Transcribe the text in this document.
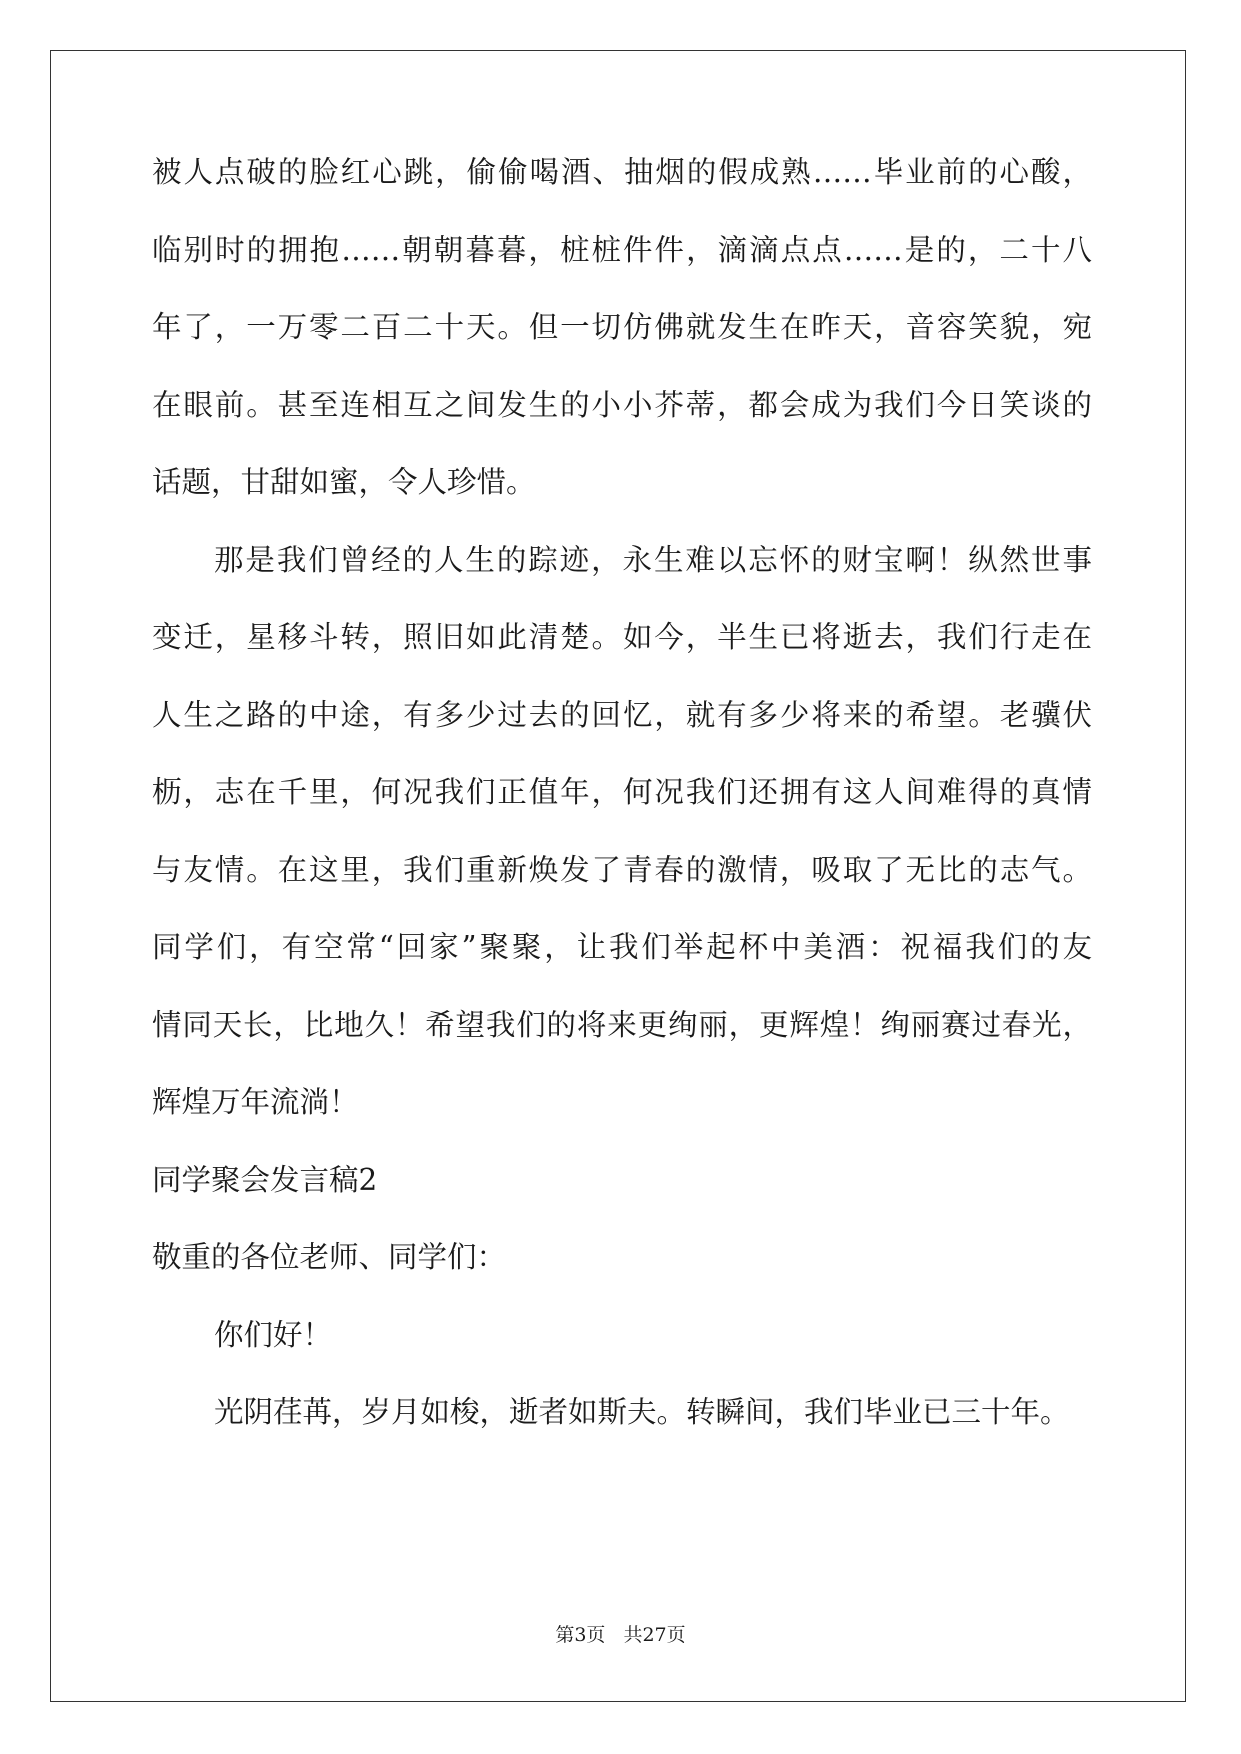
被人点破的脸红心跳，偷偷喝酒、抽烟的假成熟……毕业前的心酸，
临别时的拥抱……朝朝暮暮，桩桩件件，滴滴点点……是的，二十八
年了，一万零二百二十天。但一切仿佛就发生在昨天，音容笑貌，宛
在眼前。甚至连相互之间发生的小小芥蒂，都会成为我们今日笑谈的
话题，甘甜如蜜，令人珍惜。
那是我们曾经的人生的踪迹，永生难以忘怀的财宝啊！纵然世事
变迁，星移斗转，照旧如此清楚。如今，半生已将逝去，我们行走在
人生之路的中途，有多少过去的回忆，就有多少将来的希望。老骥伏
枥，志在千里，何况我们正值年，何况我们还拥有这人间难得的真情
与友情。在这里，我们重新焕发了青春的激情，吸取了无比的志气。
同学们，有空常“回家”聚聚，让我们举起杯中美酒：祝福我们的友
情同天长，比地久！希望我们的将来更绚丽，更辉煌！绚丽赛过春光，
辉煌万年流淌！
同学聚会发言稿2
敬重的各位老师、同学们：
你们好！
光阴荏苒，岁月如梭，逝者如斯夫。转瞬间，我们毕业已三十年。
第3页 共27页
